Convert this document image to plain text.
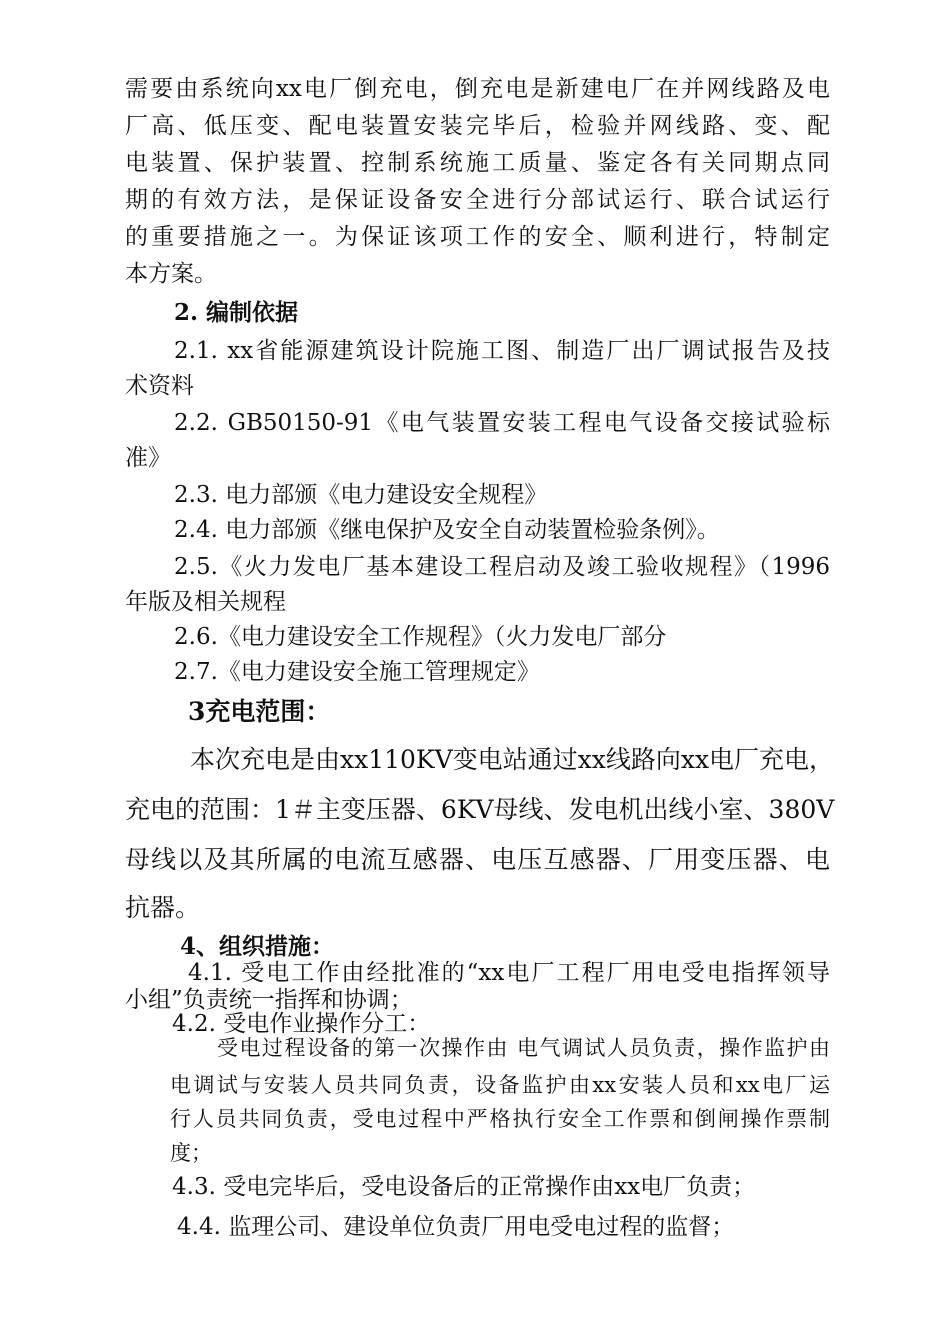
需要由系统向xx电厂倒充电，倒充电是新建电厂在并网线路及电
厂高、低压变、配电装置安装完毕后，检验并网线路、变、配
电装置、保护装置、控制系统施工质量、鉴定各有关同期点同
期的有效方法，是保证设备安全进行分部试运行、联合试运行
的重要措施之一。为保证该项工作的安全、顺利进行，特制定
本方案。
2. 编制依据
2.1. xx省能源建筑设计院施工图、制造厂出厂调试报告及技
术资料
2.2. GB50150-91《电气装置安装工程电气设备交接试验标
准》
2.3. 电力部颁《电力建设安全规程》
2.4. 电力部颁《继电保护及安全自动装置检验条例》。
2.5.《火力发电厂基本建设工程启动及竣工验收规程》（1996
年版及相关规程
2.6.《电力建设安全工作规程》（火力发电厂部分
2.7.《电力建设安全施工管理规定》
3充电范围：
本次充电是由xx110KV变电站通过xx线路向xx电厂充电，
充电的范围：1＃主变压器、6KV母线、发电机出线小室、380V
母线以及其所属的电流互感器、电压互感器、厂用变压器、电
抗器。
4、组织措施：
4.1. 受电工作由经批准的“xx电厂工程厂用电受电指挥领导
小组”负责统一指挥和协调；
4.2. 受电作业操作分工：
受电过程设备的第一次操作由 电气调试人员负责，操作监护由
电调试与安装人员共同负责，设备监护由xx安装人员和xx电厂运
行人员共同负责，受电过程中严格执行安全工作票和倒闸操作票制
度；
4.3. 受电完毕后，受电设备后的正常操作由xx电厂负责；
4.4. 监理公司、建设单位负责厂用电受电过程的监督；
